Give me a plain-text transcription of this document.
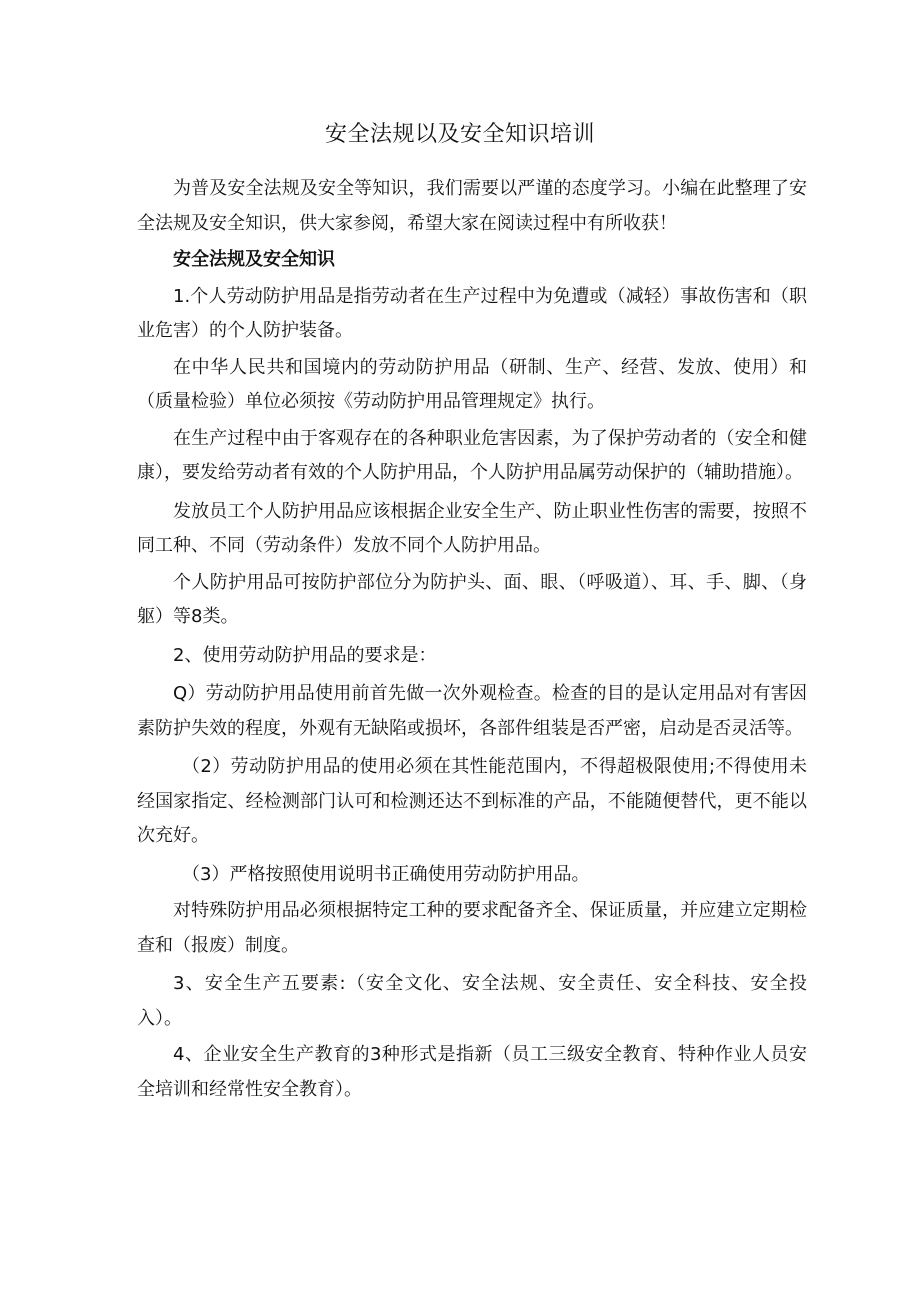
安全法规以及安全知识培训

为普及安全法规及安全等知识，我们需要以严谨的态度学习。小编在此整理了安全法规及安全知识，供大家参阅，希望大家在阅读过程中有所收获！

安全法规及安全知识

1.个人劳动防护用品是指劳动者在生产过程中为免遭或（减轻）事故伤害和（职业危害）的个人防护装备。

在中华人民共和国境内的劳动防护用品（研制、生产、经营、发放、使用）和（质量检验）单位必须按《劳动防护用品管理规定》执行。

在生产过程中由于客观存在的各种职业危害因素，为了保护劳动者的（安全和健康），要发给劳动者有效的个人防护用品，个人防护用品属劳动保护的（辅助措施）。

发放员工个人防护用品应该根据企业安全生产、防止职业性伤害的需要，按照不同工种、不同（劳动条件）发放不同个人防护用品。

个人防护用品可按防护部位分为防护头、面、眼、（呼吸道）、耳、手、脚、（身躯）等8类。

2、使用劳动防护用品的要求是：

Q）劳动防护用品使用前首先做一次外观检查。检查的目的是认定用品对有害因素防护失效的程度，外观有无缺陷或损坏，各部件组装是否严密，启动是否灵活等。

（2）劳动防护用品的使用必须在其性能范围内，不得超极限使用;不得使用未经国家指定、经检测部门认可和检测还达不到标准的产品，不能随便替代，更不能以次充好。

（3）严格按照使用说明书正确使用劳动防护用品。

对特殊防护用品必须根据特定工种的要求配备齐全、保证质量，并应建立定期检查和（报废）制度。

3、安全生产五要素:（安全文化、安全法规、安全责任、安全科技、安全投入）。

4、企业安全生产教育的3种形式是指新（员工三级安全教育、特种作业人员安全培训和经常性安全教育）。
